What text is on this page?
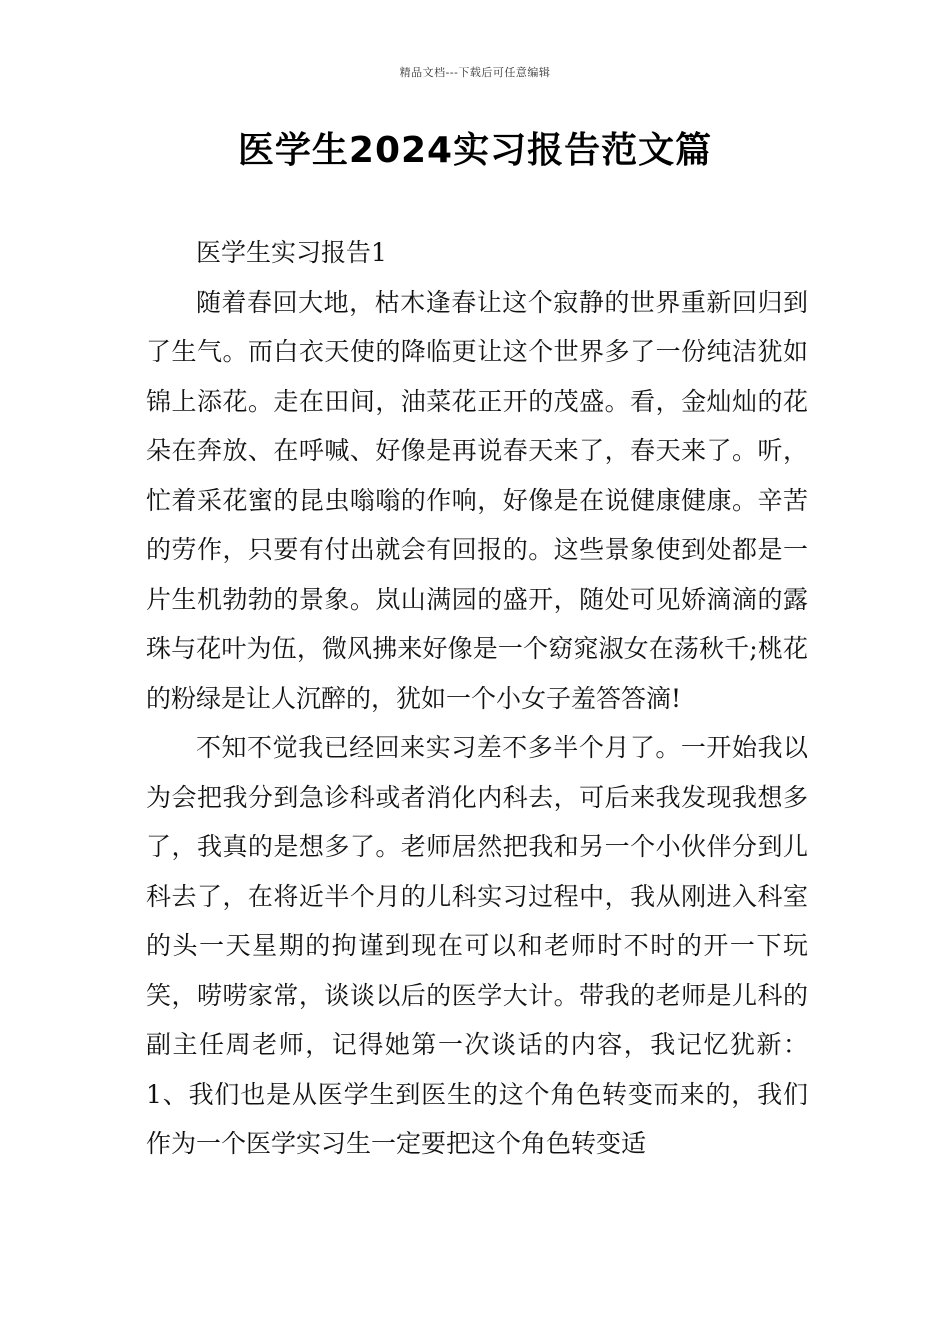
精品文档---下载后可任意编辑
医学生2024实习报告范文篇

医学生实习报告1

随着春回大地，枯木逢春让这个寂静的世界重新回归到了生气。而白衣天使的降临更让这个世界多了一份纯洁犹如锦上添花。走在田间，油菜花正开的茂盛。看，金灿灿的花朵在奔放、在呼喊、好像是再说春天来了，春天来了。听，忙着采花蜜的昆虫嗡嗡的作响，好像是在说健康健康。辛苦的劳作，只要有付出就会有回报的。这些景象使到处都是一片生机勃勃的景象。岚山满园的盛开，随处可见娇滴滴的露珠与花叶为伍，微风拂来好像是一个窈窕淑女在荡秋千;桃花的粉绿是让人沉醉的，犹如一个小女子羞答答滴!

不知不觉我已经回来实习差不多半个月了。一开始我以为会把我分到急诊科或者消化内科去，可后来我发现我想多了，我真的是想多了。老师居然把我和另一个小伙伴分到儿科去了，在将近半个月的儿科实习过程中，我从刚进入科室的头一天星期的拘谨到现在可以和老师时不时的开一下玩笑，唠唠家常，谈谈以后的医学大计。带我的老师是儿科的副主任周老师，记得她第一次谈话的内容，我记忆犹新：1、我们也是从医学生到医生的这个角色转变而来的，我们作为一个医学实习生一定要把这个角色转变适
